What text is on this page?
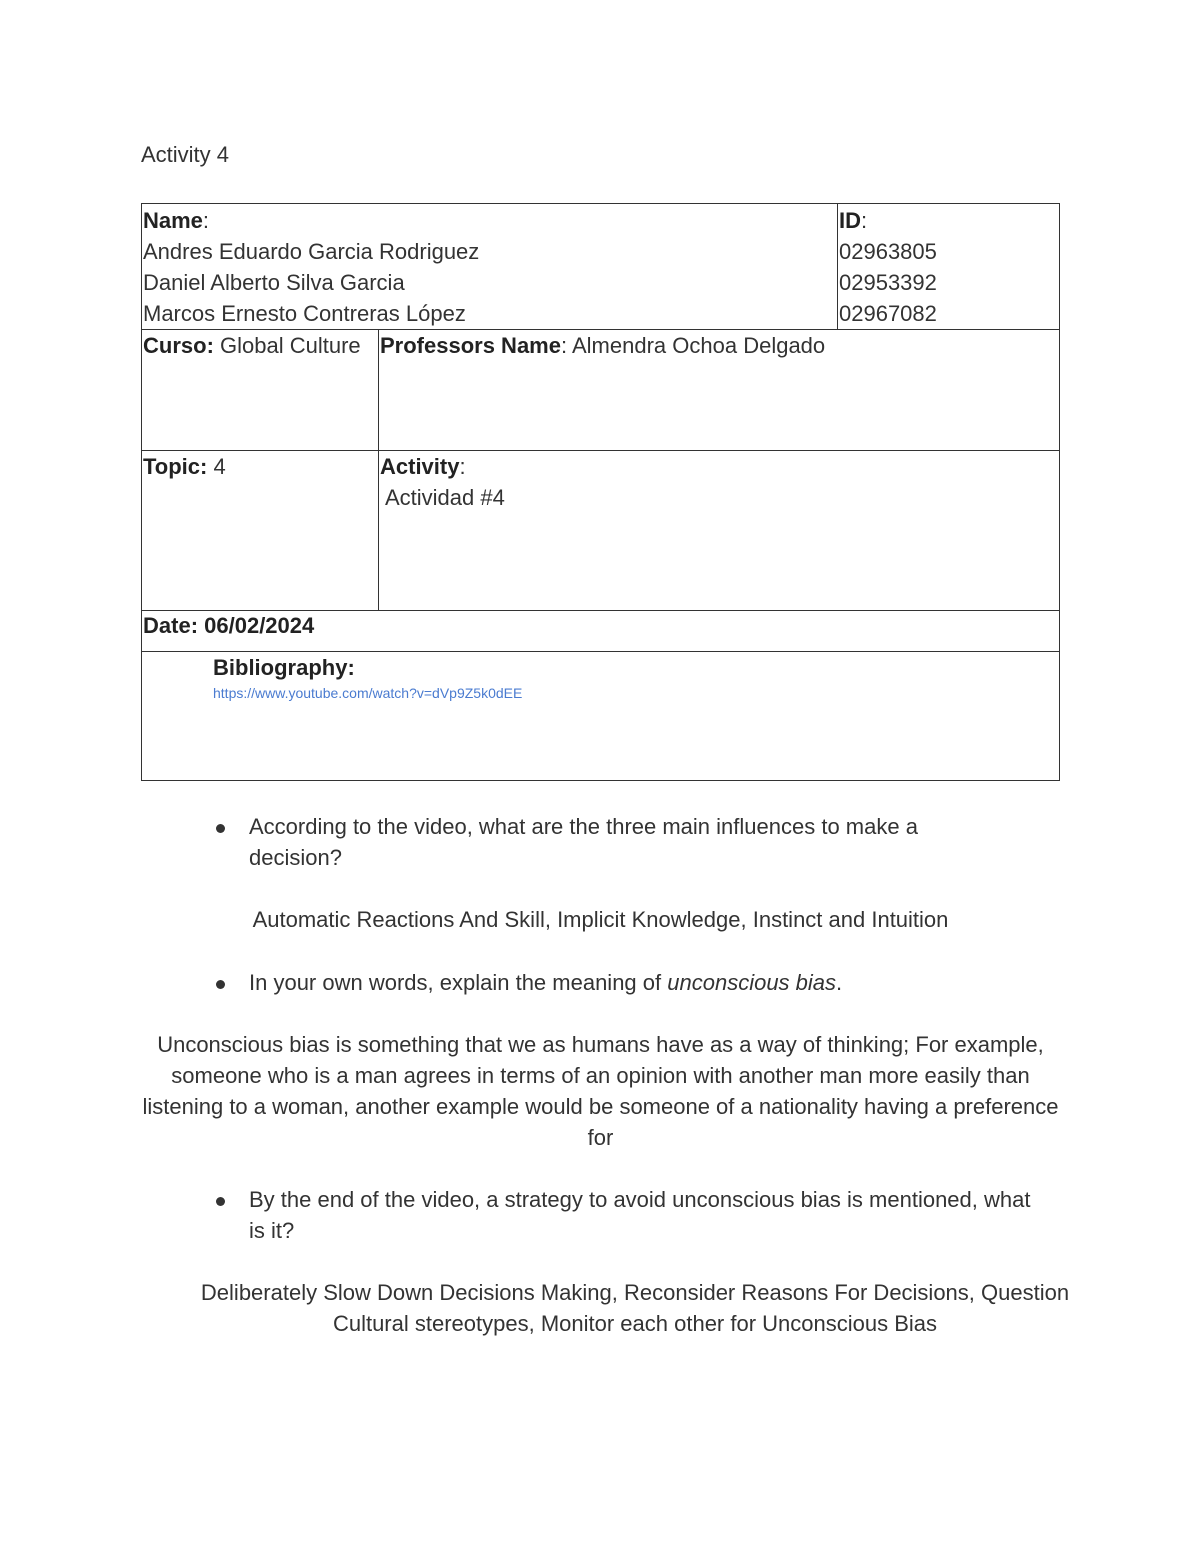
Activity 4
Name:
Andres Eduardo Garcia Rodriguez
Daniel Alberto Silva Garcia
Marcos Ernesto Contreras López
ID:
02963805
02953392
02967082
Curso: Global Culture Professors Name: Almendra Ochoa Delgado
Topic: 4	Activity:
Actividad #4
Date: 06/02/2024
Bibliography:
https://www.youtube.com/watch?v=dVp9Z5k0dEE
According to the video, what are the three main influences to make a decision?
Automatic Reactions And Skill, Implicit Knowledge, Instinct and Intuition
In your own words, explain the meaning of unconscious bias.
Unconscious bias is something that we as humans have as a way of thinking; For example, someone who is a man agrees in terms of an opinion with another man more easily than listening to a woman, another example would be someone of a nationality having a preference for
By the end of the video, a strategy to avoid unconscious bias is mentioned, what is it?
Deliberately Slow Down Decisions Making, Reconsider Reasons For Decisions, Question Cultural stereotypes, Monitor each other for Unconscious Bias
